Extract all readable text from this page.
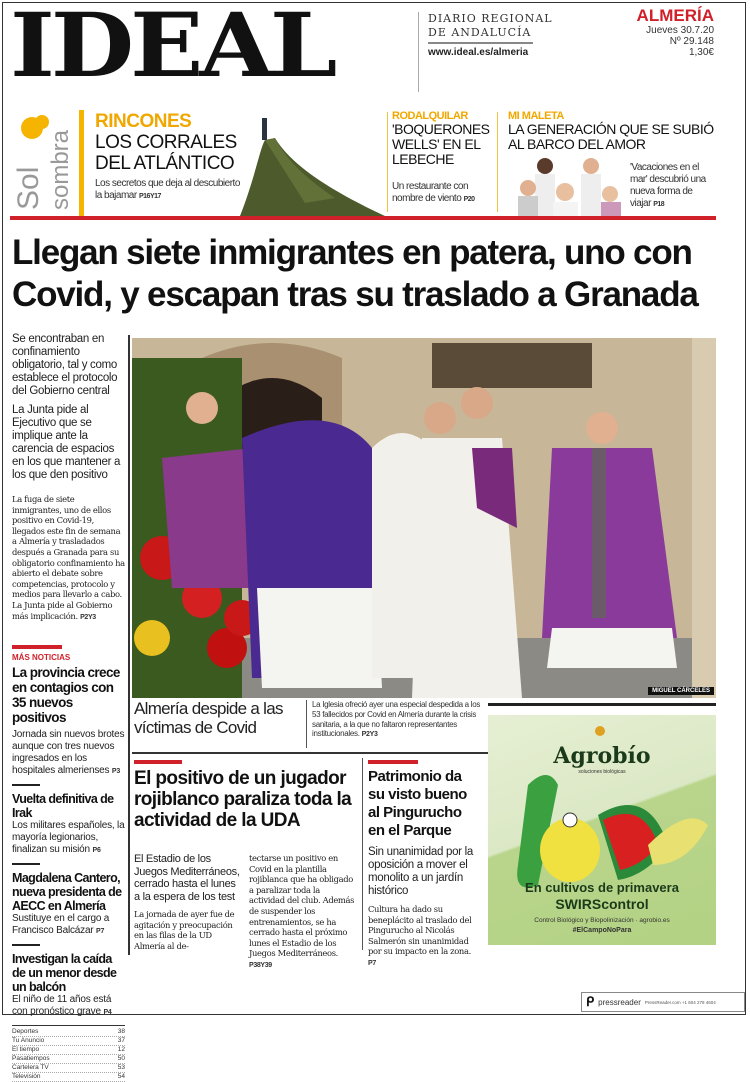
IDEAL	DIARIO REGIONAL
DE ANDALUCÍA
www.ideal.es/almeria
ALMERÍA
Jueves 30.7.20
Nº 29.148
1,30€
Sol sombra
RINCONES
LOS CORRALES DEL ATLÁNTICO
Los secretos que deja al descubierto la bajamar P16Y17
RODALQUILAR
'BOQUERONES WELLS' EN EL LEBECHE
Un restaurante con nombre de viento P20
MI MALETA
LA GENERACIÓN QUE SE SUBIÓ AL BARCO DEL AMOR
'Vacaciones en el mar' descubrió una nueva forma de viajar P18
Llegan siete inmigrantes en patera, uno con Covid, y escapan tras su traslado a Granada
Se encontraban en confinamiento obligatorio, tal y como establece el protocolo del Gobierno central
La Junta pide al Ejecutivo que se implique ante la carencia de espacios en los que mantener a los que den positivo
La fuga de siete inmigrantes, uno de ellos positivo en Covid-19, llegados este fin de semana a Almería y trasladados después a Granada para su obligatorio confinamiento ha abierto el debate sobre competencias, protocolo y medios para llevarlo a cabo. La Junta pide al Gobierno más implicación. P2Y3
MÁS NOTICIAS
La provincia crece en contagios con 35 nuevos positivos
Jornada sin nuevos brotes aunque con tres nuevos ingresados en los hospitales almerienses P3
Vuelta definitiva de Irak
Los militares españoles, la mayoría legionarios, finalizan su misión P6
Magdalena Cantero, nueva presidenta de AECC en Almería
Sustituye en el cargo a Francisco Balcázar P7
Investigan la caída de un menor desde un balcón
El niño de 11 años está con pronóstico grave P4
Deportes	38
Tu Anuncio	37
El tiempo	12
Pasatiempos	50
Cartelera TV	53
Televisión	54
MIGUEL CÁRCELES
Almería despide a las víctimas de Covid
La Iglesia ofreció ayer una especial despedida a los 53 fallecidos por Covid en Almería durante la crisis sanitaria, a la que no faltaron representantes institucionales. P2Y3
El positivo de un jugador rojiblanco paraliza toda la actividad de la UDA
El Estadio de los Juegos Mediterráneos, cerrado hasta el lunes a la espera de los test
La jornada de ayer fue de agitación y preocupación en las filas de la UD Almería al de-
tectarse un positivo en Covid en la plantilla rojiblanca que ha obligado a paralizar toda la actividad del club. Además de suspender los entrenamientos, se ha cerrado hasta el próximo lunes el Estadio de los Juegos Mediterráneos. P38Y39
Patrimonio da su visto bueno al Pingurucho en el Parque
Sin unanimidad por la oposición a mover el monolito a un jardín histórico
Cultura ha dado su beneplácito al traslado del Pingurucho al Nicolás Salmerón sin unanimidad por su impacto en la zona. P7
Agrobío
soluciones biológicas
En cultivos de primavera
SWIRScontrol
Control Biológico y Biopolinización · agrobio.es
#ElCampoNoPara
ᑭ pressreader PressReader.com +1 604 278 4604
